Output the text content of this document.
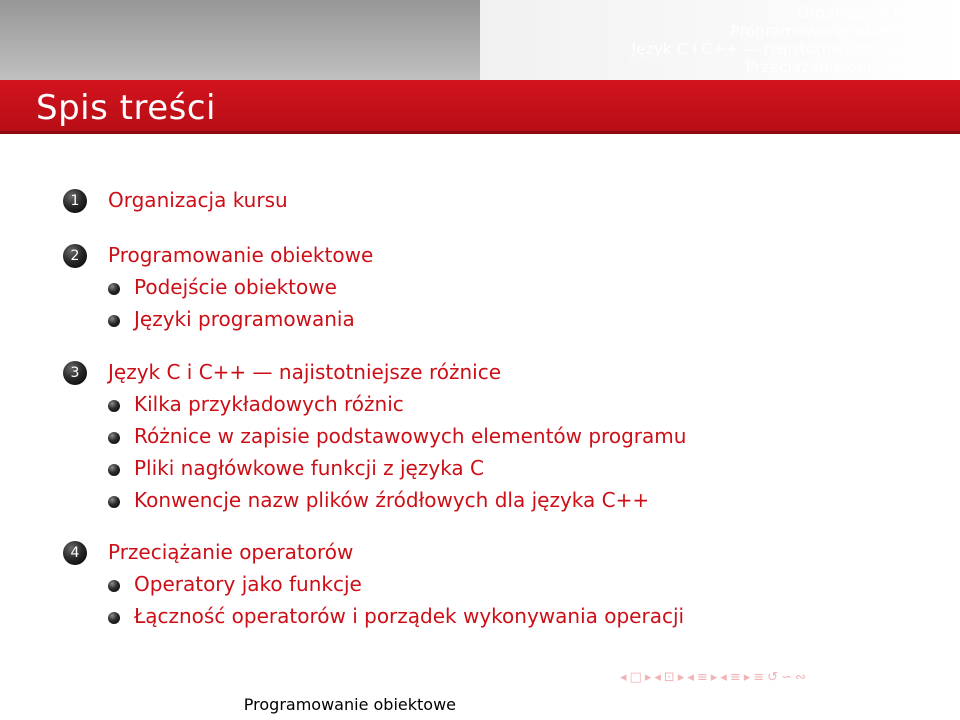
Organizacja kursu
Programowanie obiektowe
Język C i C++ — najistotniejsze różnice
Przeciążanie operatorów
Spis treści
1	Organizacja kursu
2	Programowanie obiektowe
Podejście obiektowe
Języki programowania
3	Język C i C++ — najistotniejsze różnice
Kilka przykładowych różnic
Różnice w zapisie podstawowych elementów programu
Pliki nagłówkowe funkcji z języka C
Konwencje nazw plików źródłowych dla języka C++
4	Przeciążanie operatorów
Operatory jako funkcje
Łączność operatorów i porządek wykonywania operacji
Programowanie obiektowe
◂ □ ▸ ◂ ⊡ ▸ ◂ ≡ ▸ ◂ ≡ ▸ ≡ ↺ ∽ ∾
